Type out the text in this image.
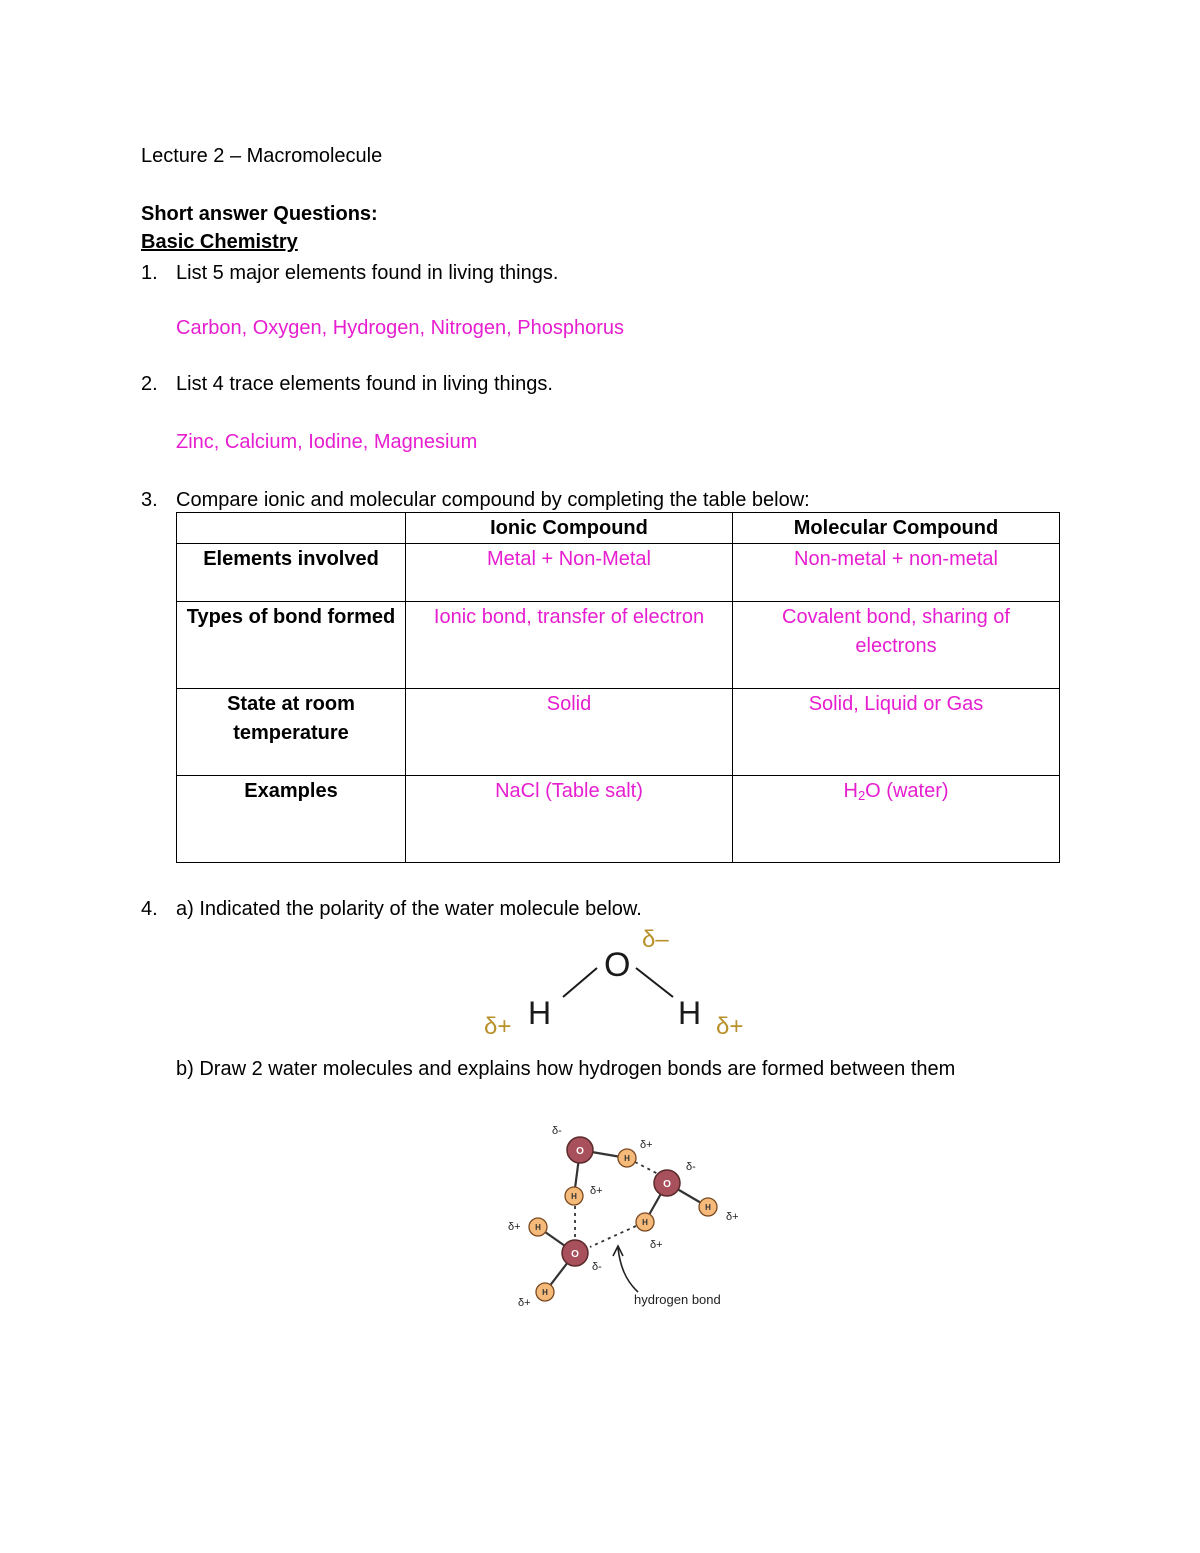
Lecture 2 – Macromolecule
Short answer Questions:
Basic Chemistry
1. List 5 major elements found in living things.
Carbon, Oxygen, Hydrogen, Nitrogen, Phosphorus
2. List 4 trace elements found in living things.
Zinc, Calcium, Iodine, Magnesium
3. Compare ionic and molecular compound by completing the table below:
	Ionic Compound	Molecular Compound
Elements involved	Metal + Non-Metal	Non-metal + non-metal
Types of bond formed	Ionic bond, transfer of electron	Covalent bond, sharing of electrons
State at room temperature	Solid	Solid, Liquid or Gas
Examples	NaCl (Table salt)	$H_2O$ (water)
4. a) Indicated the polarity of the water molecule below.
δ–
O
H	H
δ+	δ+
b) Draw 2 water molecules and explains how hydrogen bonds are formed between them
O
O
O
H
H
H
H
H
H
δ-
δ+
δ-
δ+
δ+
δ+
δ+
δ-
δ+	hydrogen bond
